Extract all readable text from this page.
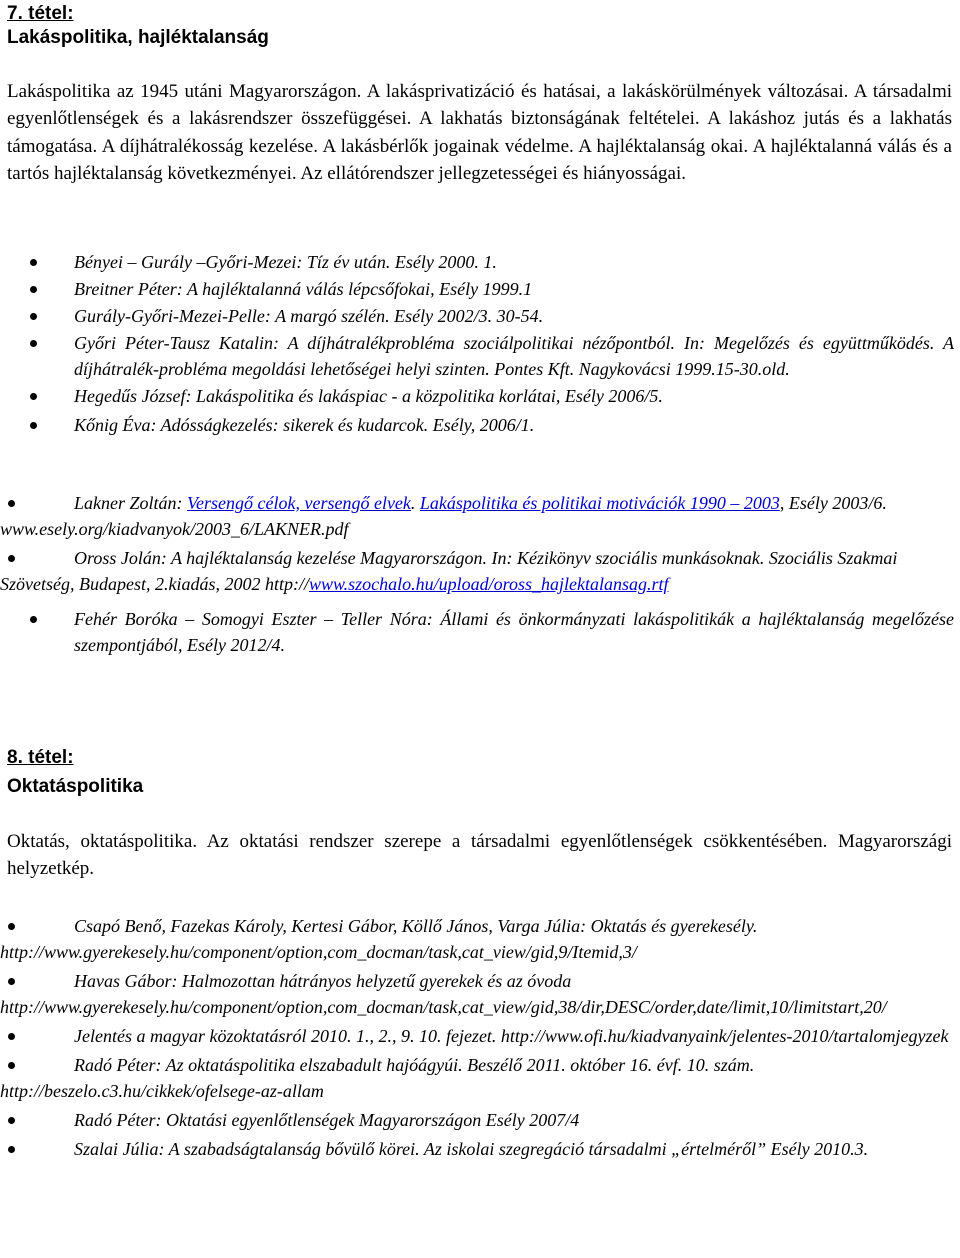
7. tétel:
Lakáspolitika, hajléktalanság

Lakáspolitika az 1945 utáni Magyarországon. A lakásprivatizáció és hatásai, a lakáskörülmények változásai. A társadalmi egyenlőtlenségek és a lakásrendszer összefüggései. A lakhatás biztonságának feltételei. A lakáshoz jutás és a lakhatás támogatása. A díjhátralékosság kezelése. A lakásbérlők jogainak védelme. A hajléktalanság okai. A hajléktalanná válás és a tartós hajléktalanság következményei. Az ellátórendszer jellegzetességei és hiányosságai.

Bényei – Gurály –Győri-Mezei: Tíz év után. Esély 2000. 1.
Breitner Péter: A hajléktalanná válás lépcsőfokai, Esély 1999.1
Gurály-Győri-Mezei-Pelle: A margó szélén. Esély 2002/3. 30-54.
Győri Péter-Tausz Katalin: A díjhátralékprobléma szociálpolitikai nézőpontból. In: Megelőzés és együttműködés. A díjhátralék-probléma megoldási lehetőségei helyi szinten. Pontes Kft. Nagykovácsi 1999.15-30.old.
Hegedűs József: Lakáspolitika és lakáspiac - a közpolitika korlátai, Esély 2006/5.
Kőnig Éva: Adósságkezelés: sikerek és kudarcok. Esély, 2006/1.
Lakner Zoltán: Versengő célok, versengő elvek. Lakáspolitika és politikai motivációk 1990 – 2003, Esély 2003/6. www.esely.org/kiadvanyok/2003_6/LAKNER.pdf
Oross Jolán: A hajléktalanság kezelése Magyarországon. In: Kézikönyv szociális munkásoknak. Szociális Szakmai Szövetség, Budapest, 2.kiadás, 2002 http://www.szochalo.hu/upload/oross_hajlektalansag.rtf
Fehér Boróka – Somogyi Eszter – Teller Nóra: Állami és önkormányzati lakáspolitikák a hajléktalanság megelőzése szempontjából, Esély 2012/4.
8. tétel:
Oktatáspolitika

Oktatás, oktatáspolitika. Az oktatási rendszer szerepe a társadalmi egyenlőtlenségek csökkentésében. Magyarországi helyzetkép.

Csapó Benő, Fazekas Károly, Kertesi Gábor, Köllő János, Varga Júlia: Oktatás és gyerekesély. http://www.gyerekesely.hu/component/option,com_docman/task,cat_view/gid,9/Itemid,3/
Havas Gábor: Halmozottan hátrányos helyzetű gyerekek és az óvoda http://www.gyerekesely.hu/component/option,com_docman/task,cat_view/gid,38/dir,DESC/order,date/limit,10/limitstart,20/
Jelentés a magyar közoktatásról 2010. 1., 2., 9. 10. fejezet. http://www.ofi.hu/kiadvanyaink/jelentes-2010/tartalomjegyzek
Radó Péter: Az oktatáspolitika elszabadult hajóágyúi. Beszélő 2011. október 16. évf. 10. szám. http://beszelo.c3.hu/cikkek/ofelsege-az-allam
Radó Péter: Oktatási egyenlőtlenségek Magyarországon Esély 2007/4
Szalai Júlia: A szabadságtalanság bővülő körei. Az iskolai szegregáció társadalmi „értelméről” Esély 2010.3.
